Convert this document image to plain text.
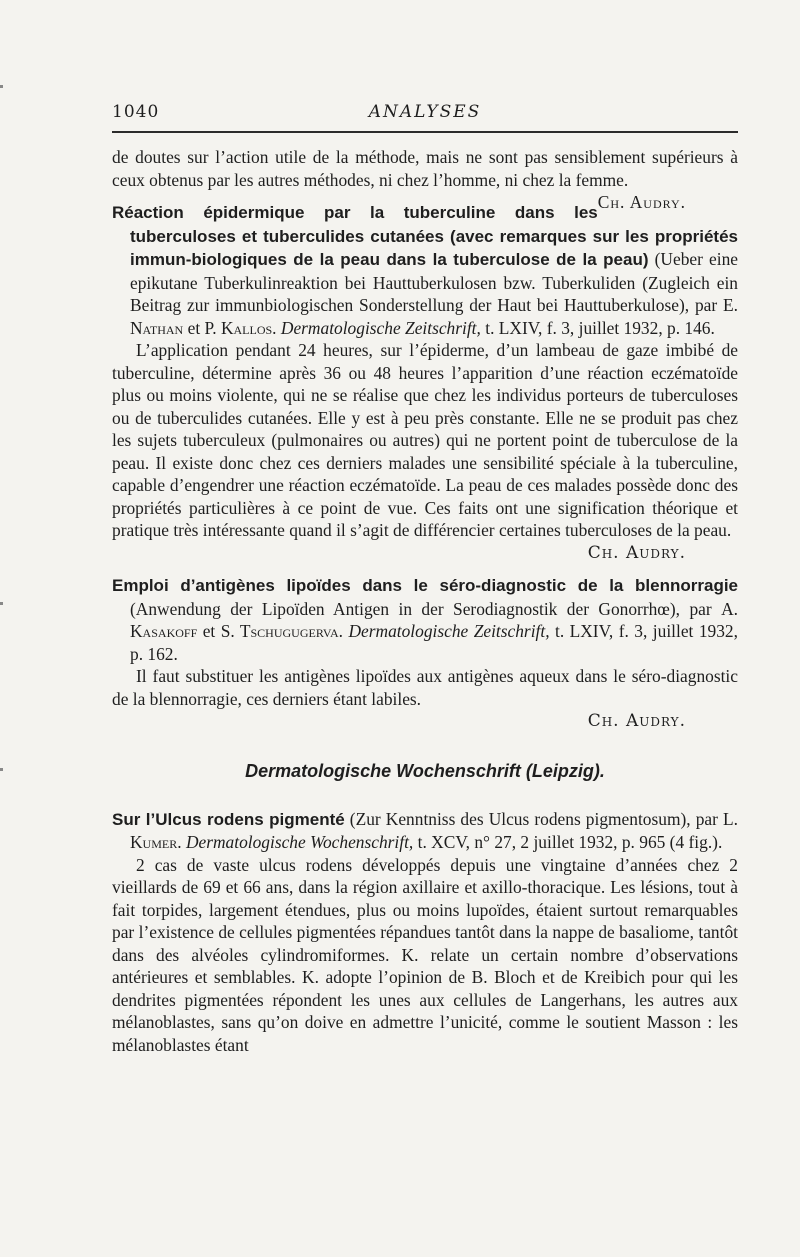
1040	ANALYSES

de doutes sur l’action utile de la méthode, mais ne sont pas sensiblement supérieurs à ceux obtenus par les autres méthodes, ni chez l’homme, ni chez la femme.
Ch. Audry.

Réaction épidermique par la tuberculine dans les tuberculoses et tuberculides cutanées (avec remarques sur les propriétés immun-biologiques de la peau dans la tuberculose de la peau) (Ueber eine epikutane Tuberkulinreaktion bei Hauttuberkulosen bzw. Tuberkuliden (Zugleich ein Beitrag zur immunbiologischen Sonderstellung der Haut bei Hauttuberkulose), par E. Nathan et P. Kallos. Dermatologische Zeitschrift, t. LXIV, f. 3, juillet 1932, p. 146.

L’application pendant 24 heures, sur l’épiderme, d’un lambeau de gaze imbibé de tuberculine, détermine après 36 ou 48 heures l’apparition d’une réaction eczématoïde plus ou moins violente, qui ne se réalise que chez les individus porteurs de tuberculoses ou de tuberculides cutanées. Elle y est à peu près constante. Elle ne se produit pas chez les sujets tuberculeux (pulmonaires ou autres) qui ne portent point de tuberculose de la peau. Il existe donc chez ces derniers malades une sensibilité spéciale à la tuberculine, capable d’engendrer une réaction eczématoïde. La peau de ces malades possède donc des propriétés particulières à ce point de vue. Ces faits ont une signification théorique et pratique très intéressante quand il s’agit de différencier certaines tuberculoses de la peau.

Ch. Audry.

Emploi d’antigènes lipoïdes dans le séro-diagnostic de la blennorragie (Anwendung der Lipoïden Antigen in der Serodiagnostik der Gonorrhœ), par A. Kasakoff et S. Tschugugerva. Dermatologische Zeitschrift, t. LXIV, f. 3, juillet 1932, p. 162.

Il faut substituer les antigènes lipoïdes aux antigènes aqueux dans le séro-diagnostic de la blennorragie, ces derniers étant labiles.

Ch. Audry.

Dermatologische Wochenschrift (Leipzig).

Sur l’Ulcus rodens pigmenté (Zur Kenntniss des Ulcus rodens pigmentosum), par L. Kumer. Dermatologische Wochenschrift, t. XCV, n° 27, 2 juillet 1932, p. 965 (4 fig.).

2 cas de vaste ulcus rodens développés depuis une vingtaine d’années chez 2 vieillards de 69 et 66 ans, dans la région axillaire et axillo-thoracique. Les lésions, tout à fait torpides, largement étendues, plus ou moins lupoïdes, étaient surtout remarquables par l’existence de cellules pigmentées répandues tantôt dans la nappe de basaliome, tantôt dans des alvéoles cylindromiformes. K. relate un certain nombre d’observations antérieures et semblables. K. adopte l’opinion de B. Bloch et de Kreibich pour qui les dendrites pigmentées répondent les unes aux cellules de Langerhans, les autres aux mélanoblastes, sans qu’on doive en admettre l’unicité, comme le soutient Masson : les mélanoblastes étant
